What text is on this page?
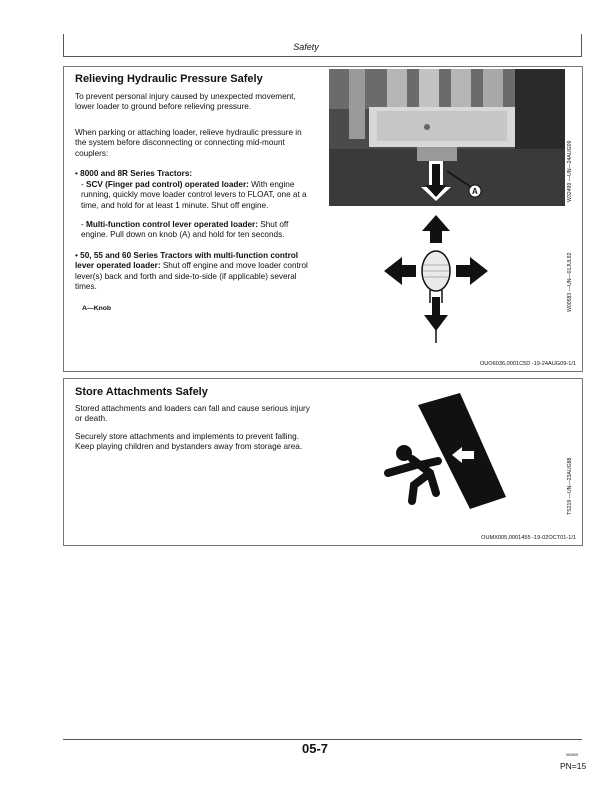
Safety
Relieving Hydraulic Pressure Safely
To prevent personal injury caused by unexpected movement, lower loader to ground before relieving pressure.
When parking or attaching loader, relieve hydraulic pressure in the system before disconnecting or connecting mid-mount couplers:
• 8000 and 8R Series Tractors:
- SCV (Finger pad control) operated loader: With engine running, quickly move loader control levers to FLOAT, one at a time, and hold for at least 1 minute. Shut off engine.
- Multi-function control lever operated loader: Shut off engine. Pull down on knob (A) and hold for ten seconds.
• 50, 55 and 60 Series Tractors with multi-function control lever operated loader: Shut off engine and move loader control lever(s) back and forth and side-to-side (if applicable) several times.
A—Knob
A	W32499 —UN—24AUG09
W00583 —UN—01JUL92
OUO6036,0001C5D -19-24AUG09-1/1
Store Attachments Safely
Stored attachments and loaders can fall and cause serious injury or death.
Securely store attachments and implements to prevent falling. Keep playing children and bystanders away from storage area.
TS219 —UN—23AUG88
OUMX005,0001455 -19-02OCT01-1/1
05-7	052609
PN=15
